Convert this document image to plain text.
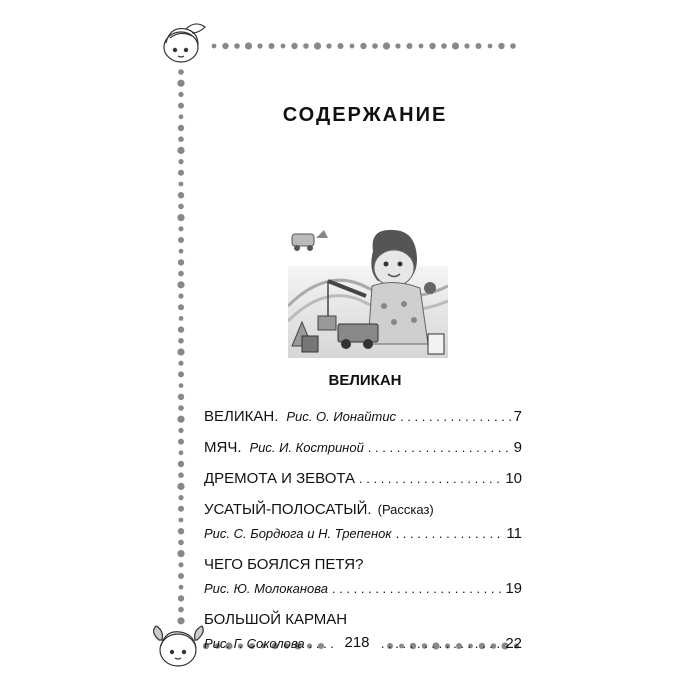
СОДЕРЖАНИЕ
ВЕЛИКАН
ВЕЛИКАН. Рис. О. Ионайтис . . .	7
МЯЧ. Рис. И. Костриной . . .	9
ДРЕМОТА И ЗЕВОТА . . .	10
УСАТЫЙ-ПОЛОСАТЫЙ. (Рассказ)
Рис. С. Бордюга и Н. Трепенок . . .	11
ЧЕГО БОЯЛСЯ ПЕТЯ?
Рис. Ю. Молоканова . . .	19
БОЛЬШОЙ КАРМАН
Рис. Г. Соколова . . .	22
218
